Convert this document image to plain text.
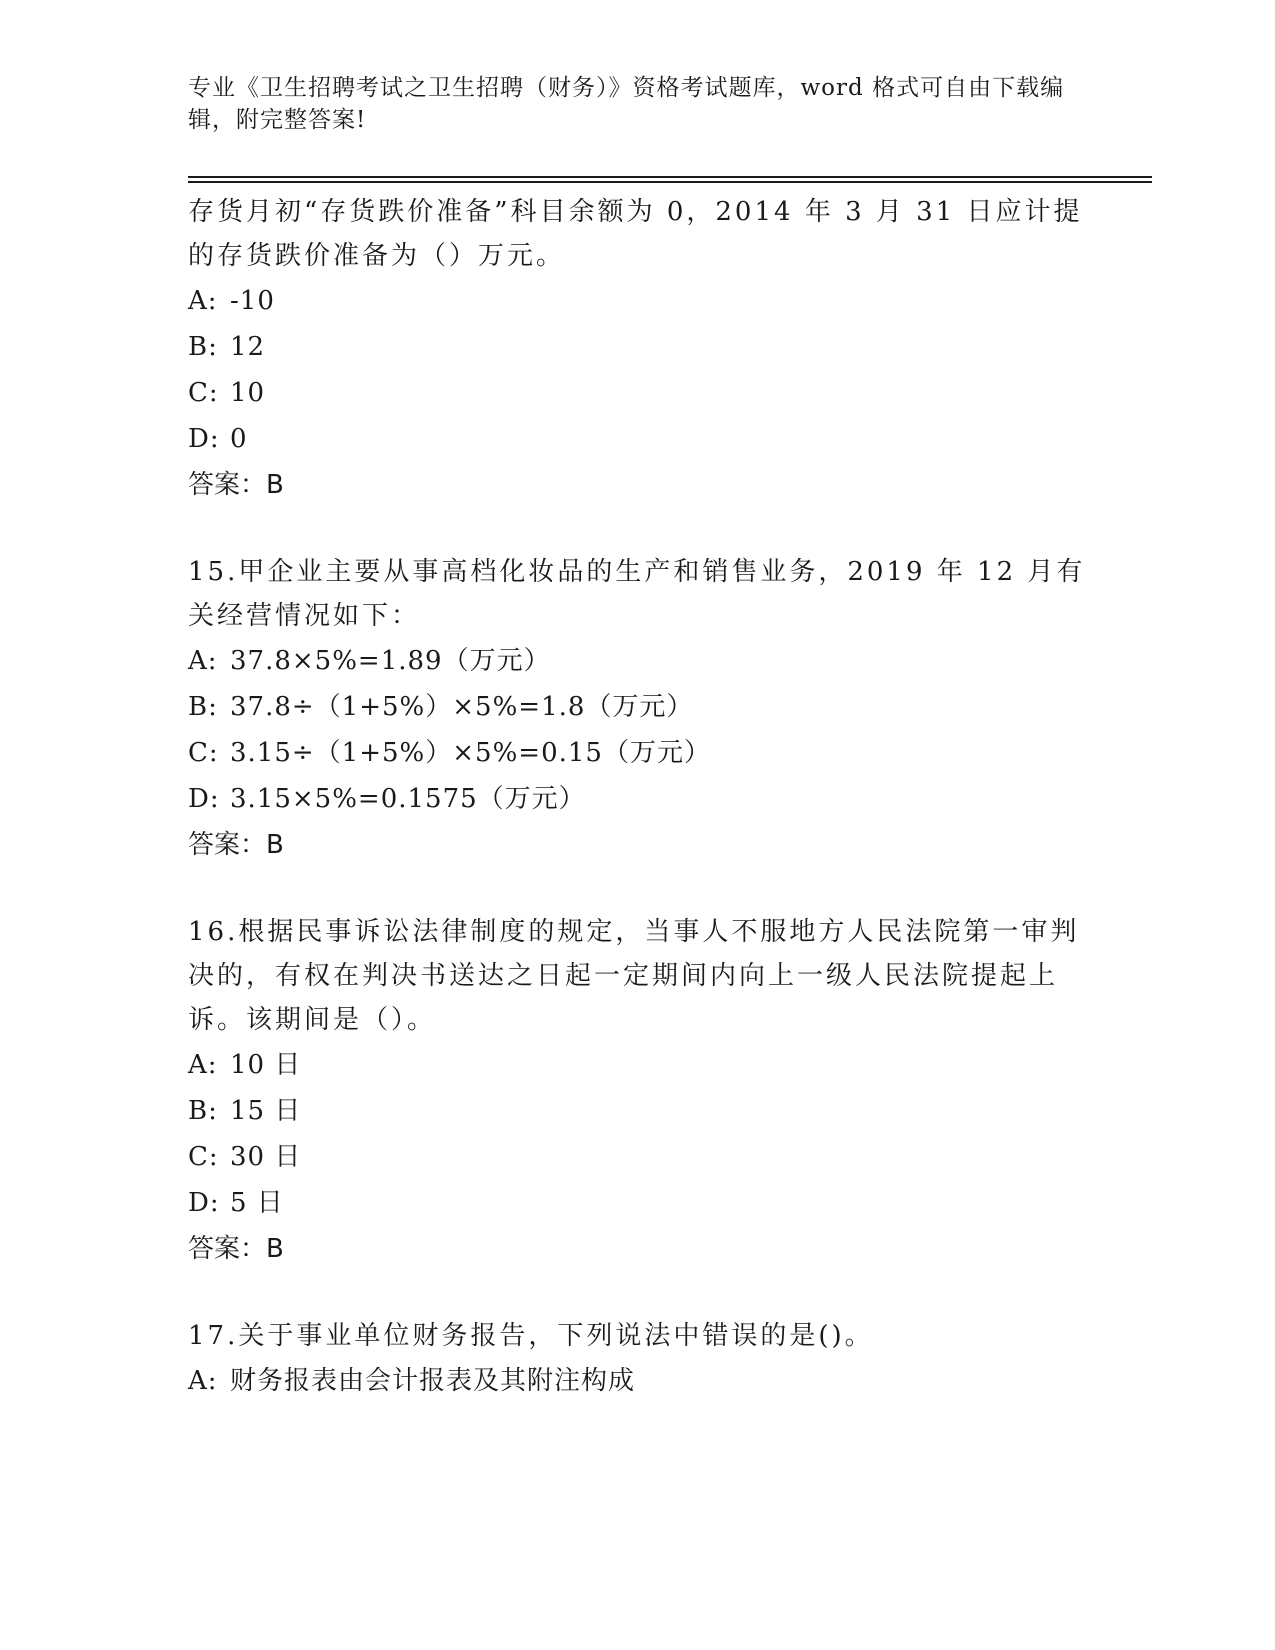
专业《卫生招聘考试之卫生招聘（财务）》资格考试题库，word 格式可自由下载编辑，附完整答案!

存货月初“存货跌价准备”科目余额为 0，2014 年 3 月 31 日应计提的存货跌价准备为（）万元。

A: -10

B: 12

C: 10

D: 0

答案：B

15.甲企业主要从事高档化妆品的生产和销售业务，2019 年 12 月有关经营情况如下：

A: 37.8×5%=1.89（万元）

B: 37.8÷（1+5%）×5%=1.8（万元）

C: 3.15÷（1+5%）×5%=0.15（万元）

D: 3.15×5%=0.1575（万元）

答案：B

16.根据民事诉讼法律制度的规定，当事人不服地方人民法院第一审判决的，有权在判决书送达之日起一定期间内向上一级人民法院提起上诉。该期间是（）。

A: 10 日

B: 15 日

C: 30 日

D: 5 日

答案：B

17.关于事业单位财务报告，下列说法中错误的是()。

A: 财务报表由会计报表及其附注构成
